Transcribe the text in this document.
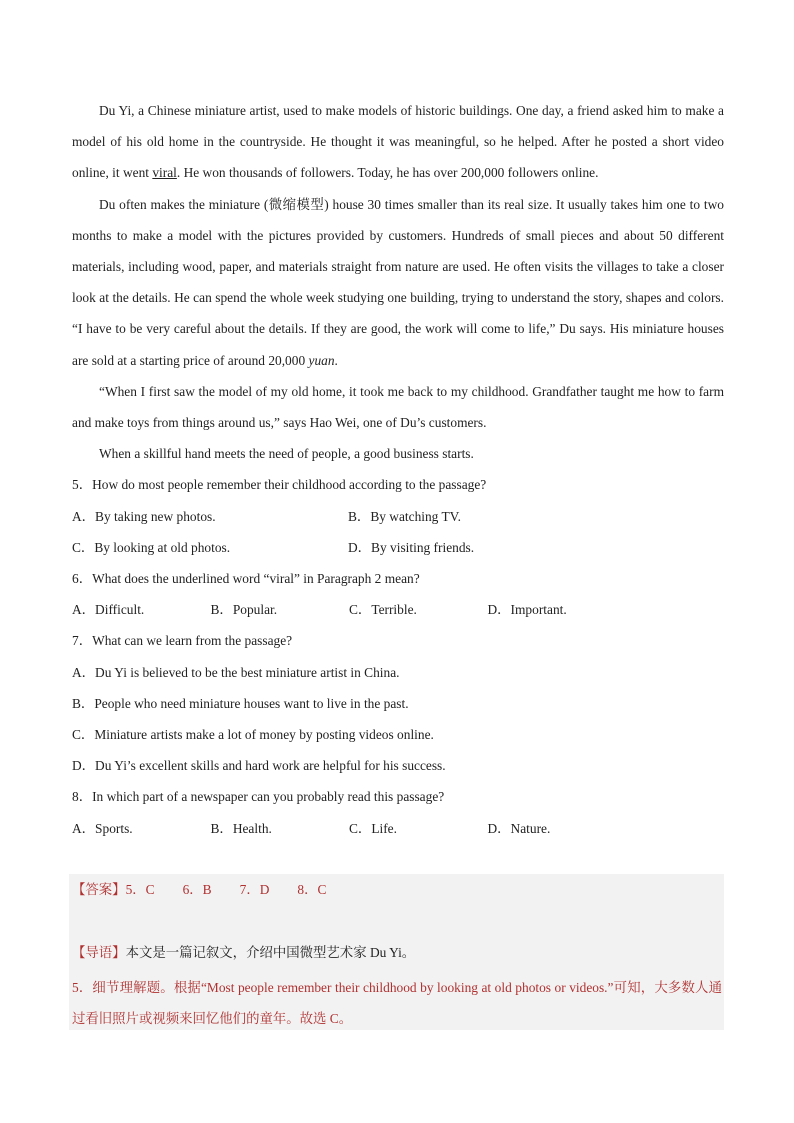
Du Yi, a Chinese miniature artist, used to make models of historic buildings. One day, a friend asked him to make a model of his old home in the countryside. He thought it was meaningful, so he helped. After he posted a short video online, it went viral. He won thousands of followers. Today, he has over 200,000 followers online.

Du often makes the miniature (微缩模型) house 30 times smaller than its real size. It usually takes him one to two months to make a model with the pictures provided by customers. Hundreds of small pieces and about 50 different materials, including wood, paper, and materials straight from nature are used. He often visits the villages to take a closer look at the details. He can spend the whole week studying one building, trying to understand the story, shapes and colors. “I have to be very careful about the details. If they are good, the work will come to life,” Du says. His miniature houses are sold at a starting price of around 20,000 yuan.

“When I first saw the model of my old home, it took me back to my childhood. Grandfather taught me how to farm and make toys from things around us,” says Hao Wei, one of Du’s customers.

When a skillful hand meets the need of people, a good business starts.

5．How do most people remember their childhood according to the passage?

A．By taking new photos.	B．By watching TV.
C．By looking at old photos.	D．By visiting friends.

6．What does the underlined word “viral” in Paragraph 2 mean?

A．Difficult.	B．Popular.	C．Terrible.	D．Important.

7．What can we learn from the passage?

A．Du Yi is believed to be the best miniature artist in China.

B．People who need miniature houses want to live in the past.

C．Miniature artists make a lot of money by posting videos online.

D．Du Yi’s excellent skills and hard work are helpful for his success.

8．In which part of a newspaper can you probably read this passage?

A．Sports.	B．Health.	C．Life.	D．Nature.
【答案】5．C 6．B 7．D 8．C
【导语】本文是一篇记叙文，介绍中国微型艺术家 Du Yi。
5．细节理解题。根据“Most people remember their childhood by looking at old photos or videos.”可知，大多数人通过看旧照片或视频来回忆他们的童年。故选 C。
